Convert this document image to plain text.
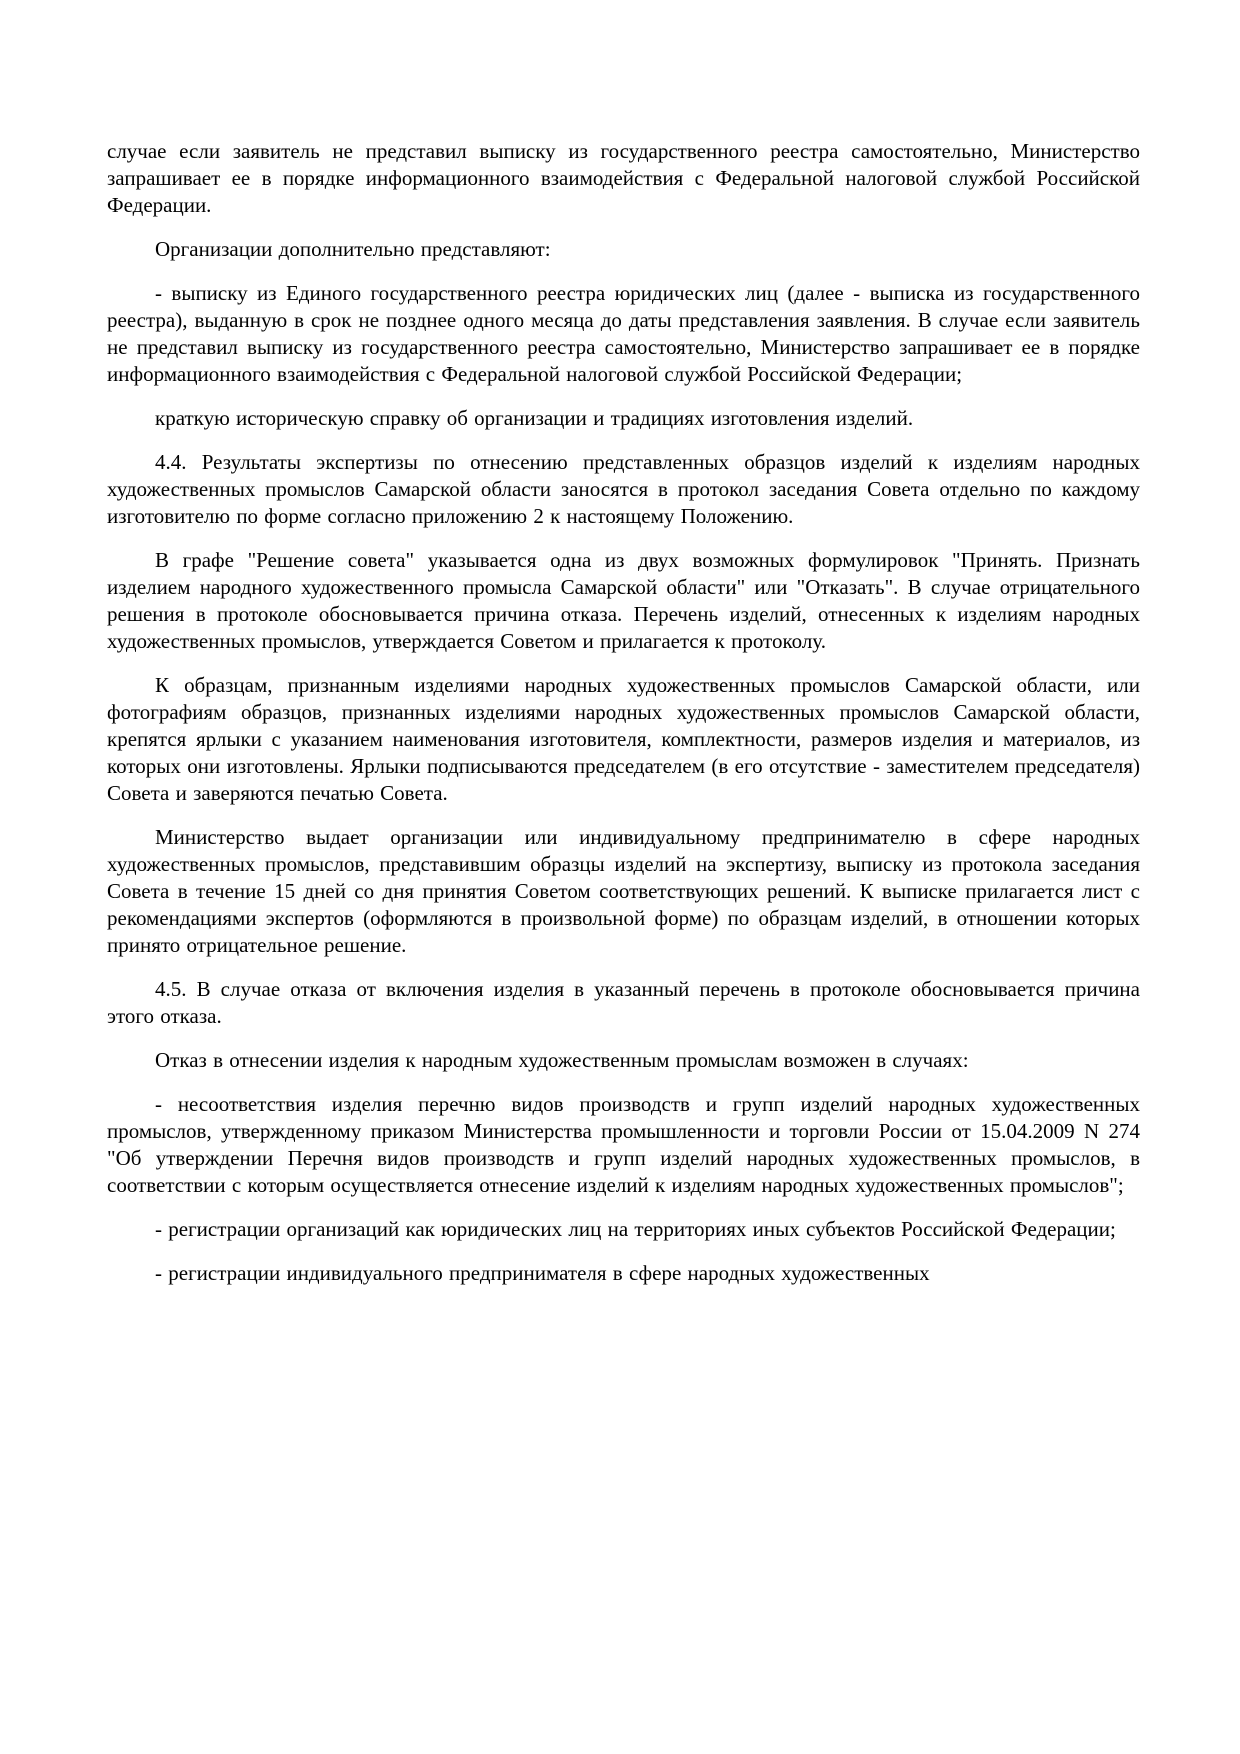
случае если заявитель не представил выписку из государственного реестра самостоятельно, Министерство запрашивает ее в порядке информационного взаимодействия с Федеральной налоговой службой Российской Федерации.

Организации дополнительно представляют:

- выписку из Единого государственного реестра юридических лиц (далее - выписка из государственного реестра), выданную в срок не позднее одного месяца до даты представления заявления. В случае если заявитель не представил выписку из государственного реестра самостоятельно, Министерство запрашивает ее в порядке информационного взаимодействия с Федеральной налоговой службой Российской Федерации;

краткую историческую справку об организации и традициях изготовления изделий.

4.4. Результаты экспертизы по отнесению представленных образцов изделий к изделиям народных художественных промыслов Самарской области заносятся в протокол заседания Совета отдельно по каждому изготовителю по форме согласно приложению 2 к настоящему Положению.

В графе "Решение совета" указывается одна из двух возможных формулировок "Принять. Признать изделием народного художественного промысла Самарской области" или "Отказать". В случае отрицательного решения в протоколе обосновывается причина отказа. Перечень изделий, отнесенных к изделиям народных художественных промыслов, утверждается Советом и прилагается к протоколу.

К образцам, признанным изделиями народных художественных промыслов Самарской области, или фотографиям образцов, признанных изделиями народных художественных промыслов Самарской области, крепятся ярлыки с указанием наименования изготовителя, комплектности, размеров изделия и материалов, из которых они изготовлены. Ярлыки подписываются председателем (в его отсутствие - заместителем председателя) Совета и заверяются печатью Совета.

Министерство выдает организации или индивидуальному предпринимателю в сфере народных художественных промыслов, представившим образцы изделий на экспертизу, выписку из протокола заседания Совета в течение 15 дней со дня принятия Советом соответствующих решений. К выписке прилагается лист с рекомендациями экспертов (оформляются в произвольной форме) по образцам изделий, в отношении которых принято отрицательное решение.

4.5. В случае отказа от включения изделия в указанный перечень в протоколе обосновывается причина этого отказа.

Отказ в отнесении изделия к народным художественным промыслам возможен в случаях:

- несоответствия изделия перечню видов производств и групп изделий народных художественных промыслов, утвержденному приказом Министерства промышленности и торговли России от 15.04.2009 N 274 "Об утверждении Перечня видов производств и групп изделий народных художественных промыслов, в соответствии с которым осуществляется отнесение изделий к изделиям народных художественных промыслов";

- регистрации организаций как юридических лиц на территориях иных субъектов Российской Федерации;

- регистрации индивидуального предпринимателя в сфере народных художественных
